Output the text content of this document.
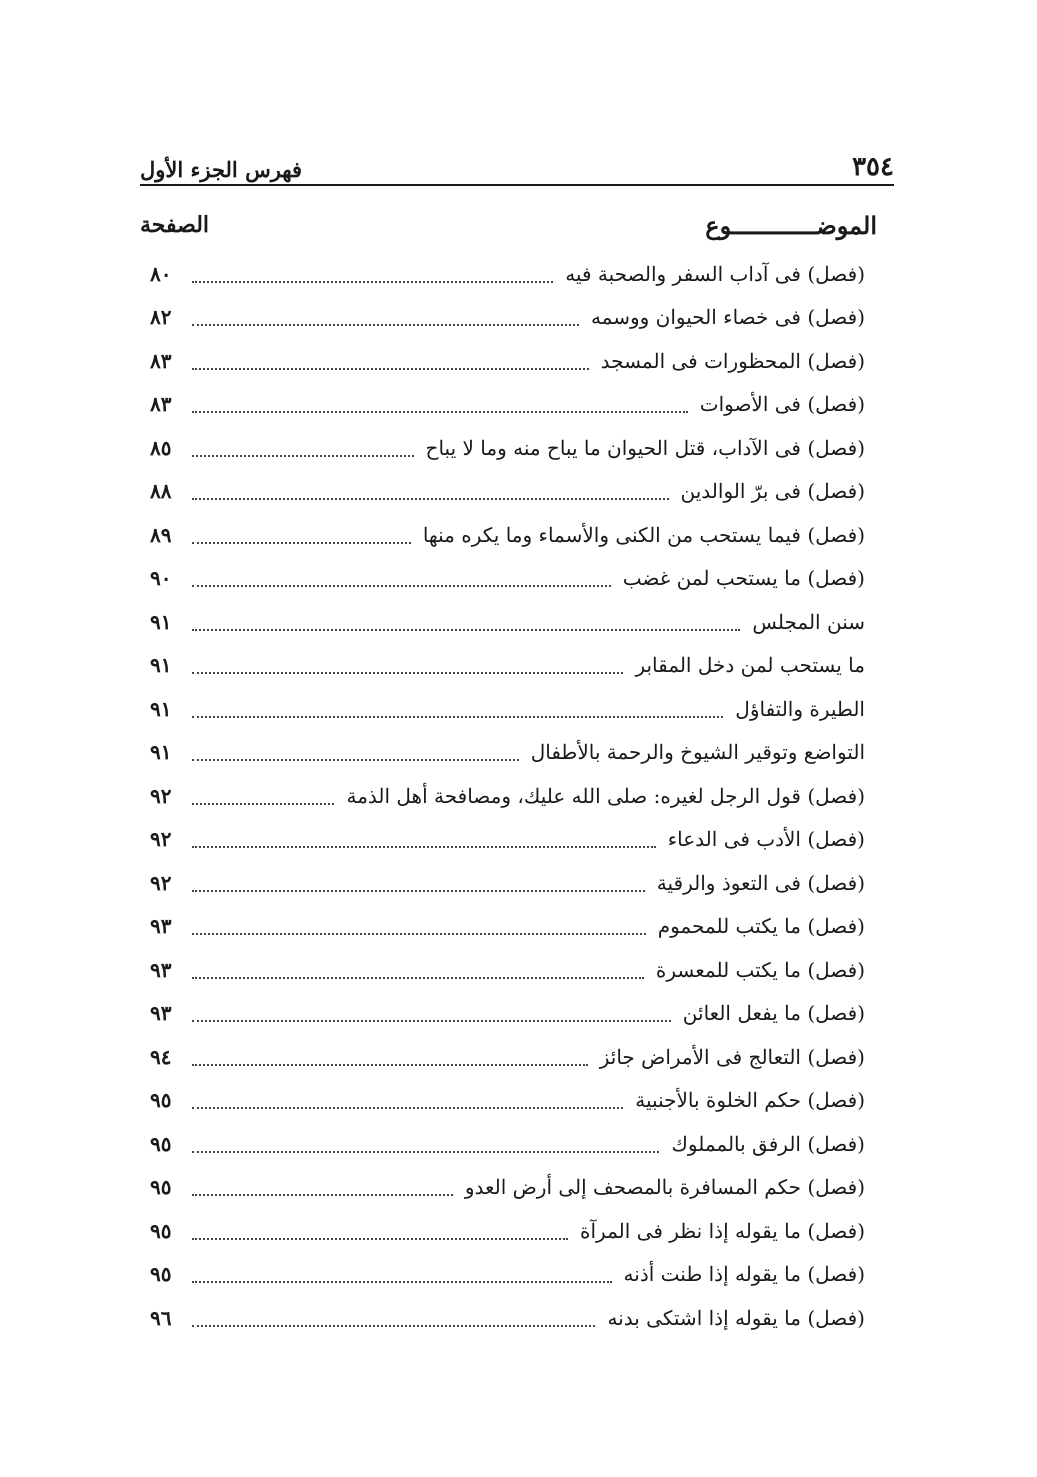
٣٥٤
فهرس الجزء الأول
الموضــــــــــــوع
الصفحة
(فصل) فى آداب السفر والصحبة فيه
٨٠
(فصل) فى خصاء الحيوان ووسمه
٨٢
(فصل) المحظورات فى المسجد
٨٣
(فصل) فى الأصوات
٨٣
(فصل) فى الآداب، قتل الحيوان ما يباح منه وما لا يباح
٨٥
(فصل) فى برّ الوالدين
٨٨
(فصل) فيما يستحب من الكنى والأسماء وما يكره منها
٨٩
(فصل) ما يستحب لمن غضب
٩٠
سنن المجلس
٩١
ما يستحب لمن دخل المقابر
٩١
الطيرة والتفاؤل
٩١
التواضع وتوقير الشيوخ والرحمة بالأطفال
٩١
(فصل) قول الرجل لغيره: صلى الله عليك، ومصافحة أهل الذمة
٩٢
(فصل) الأدب فى الدعاء
٩٢
(فصل) فى التعوذ والرقية
٩٢
(فصل) ما يكتب للمحموم
٩٣
(فصل) ما يكتب للمعسرة
٩٣
(فصل) ما يفعل العائن
٩٣
(فصل) التعالج فى الأمراض جائز
٩٤
(فصل) حكم الخلوة بالأجنبية
٩٥
(فصل) الرفق بالمملوك
٩٥
(فصل) حكم المسافرة بالمصحف إلى أرض العدو
٩٥
(فصل) ما يقوله إذا نظر فى المرآة
٩٥
(فصل) ما يقوله إذا طنت أذنه
٩٥
(فصل) ما يقوله إذا اشتكى بدنه
٩٦
